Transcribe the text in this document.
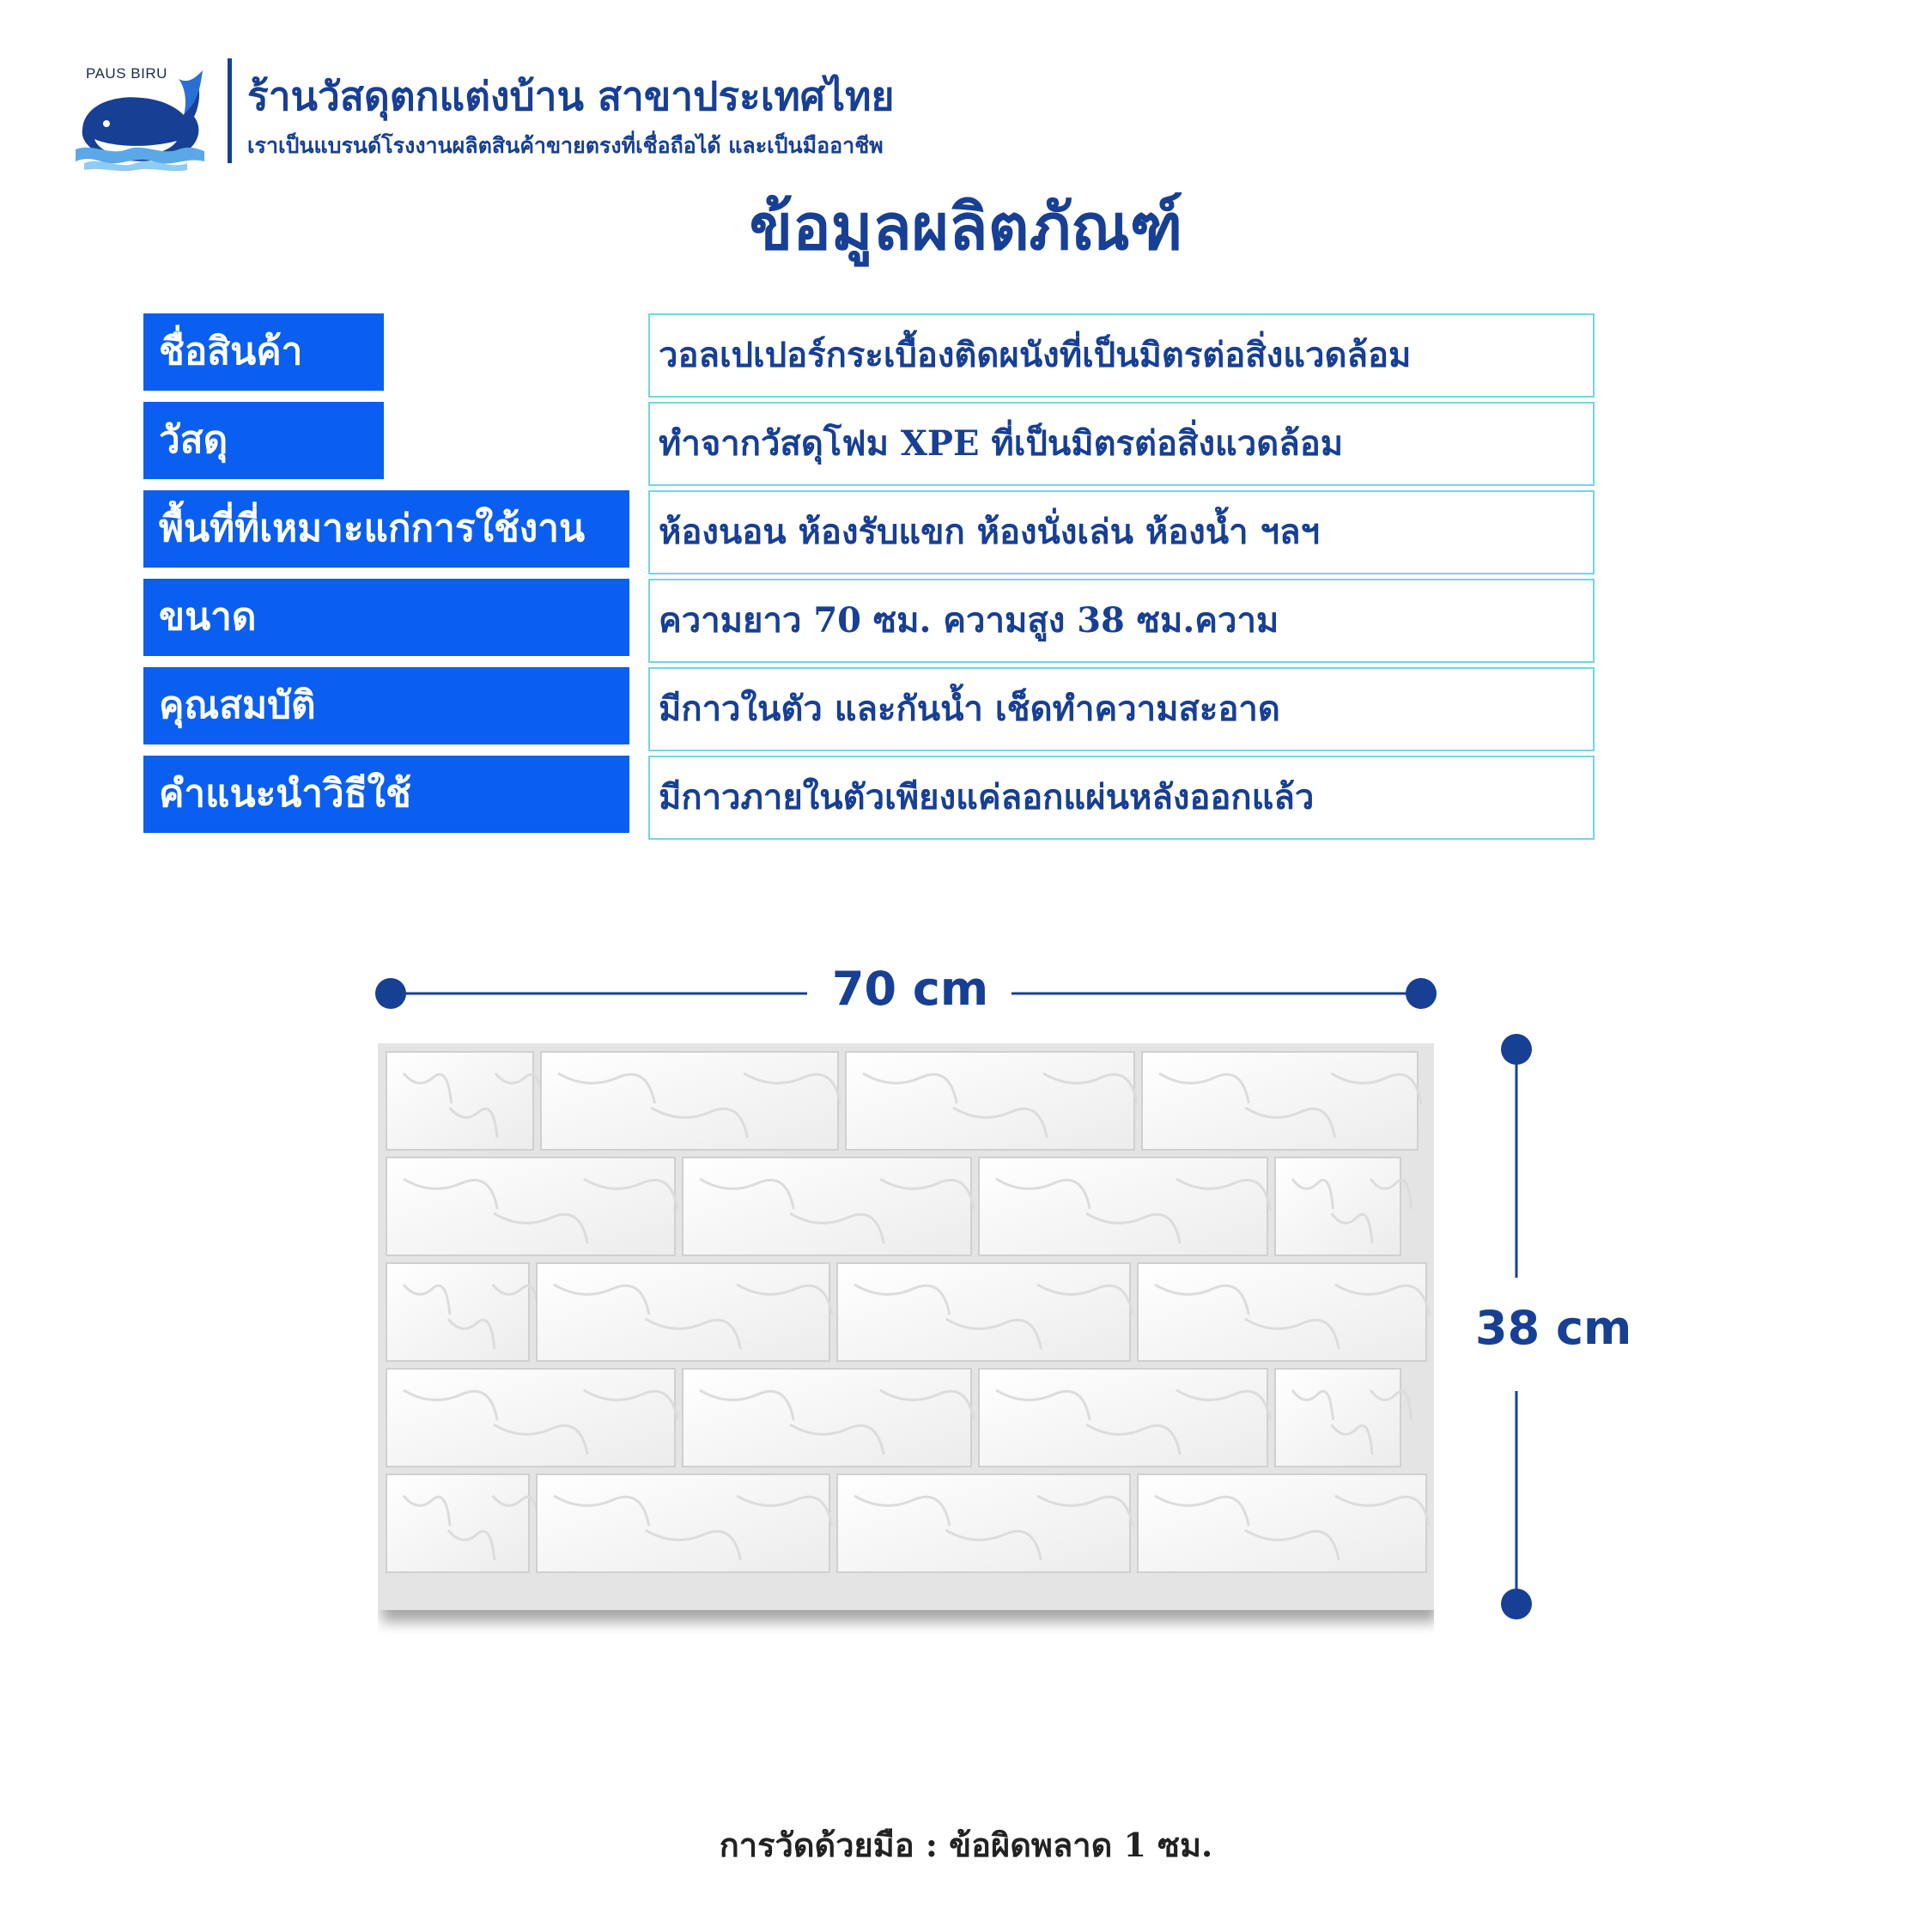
PAUS BIRU ร้านวัสดุตกแต่งบ้าน สาขาประเทศไทย
เราเป็นแบรนด์โรงงานผลิตสินค้าขายตรงที่เชื่อถือได้ และเป็นมืออาชีพ
ข้อมูลผลิตภัณฑ์
ชื่อสินค้า	วอลเปเปอร์กระเบื้องติดผนังที่เป็นมิตรต่อสิ่งแวดล้อม
วัสดุ	ทำจากวัสดุโฟม XPE ที่เป็นมิตรต่อสิ่งแวดล้อม
พื้นที่ที่เหมาะแก่การใช้งาน	ห้องนอน ห้องรับแขก ห้องนั่งเล่น ห้องน้ำ ฯลฯ
ขนาด	ความยาว 70 ซม. ความสูง 38 ซม.ความ
คุณสมบัติ	มีกาวในตัว และกันน้ำ เช็ดทำความสะอาด
คำแนะนำวิธีใช้	มีกาวภายในตัวเพียงแค่ลอกแผ่นหลังออกแล้ว
70 cm
38 cm
การวัดด้วยมือ : ข้อผิดพลาด 1 ซม.
